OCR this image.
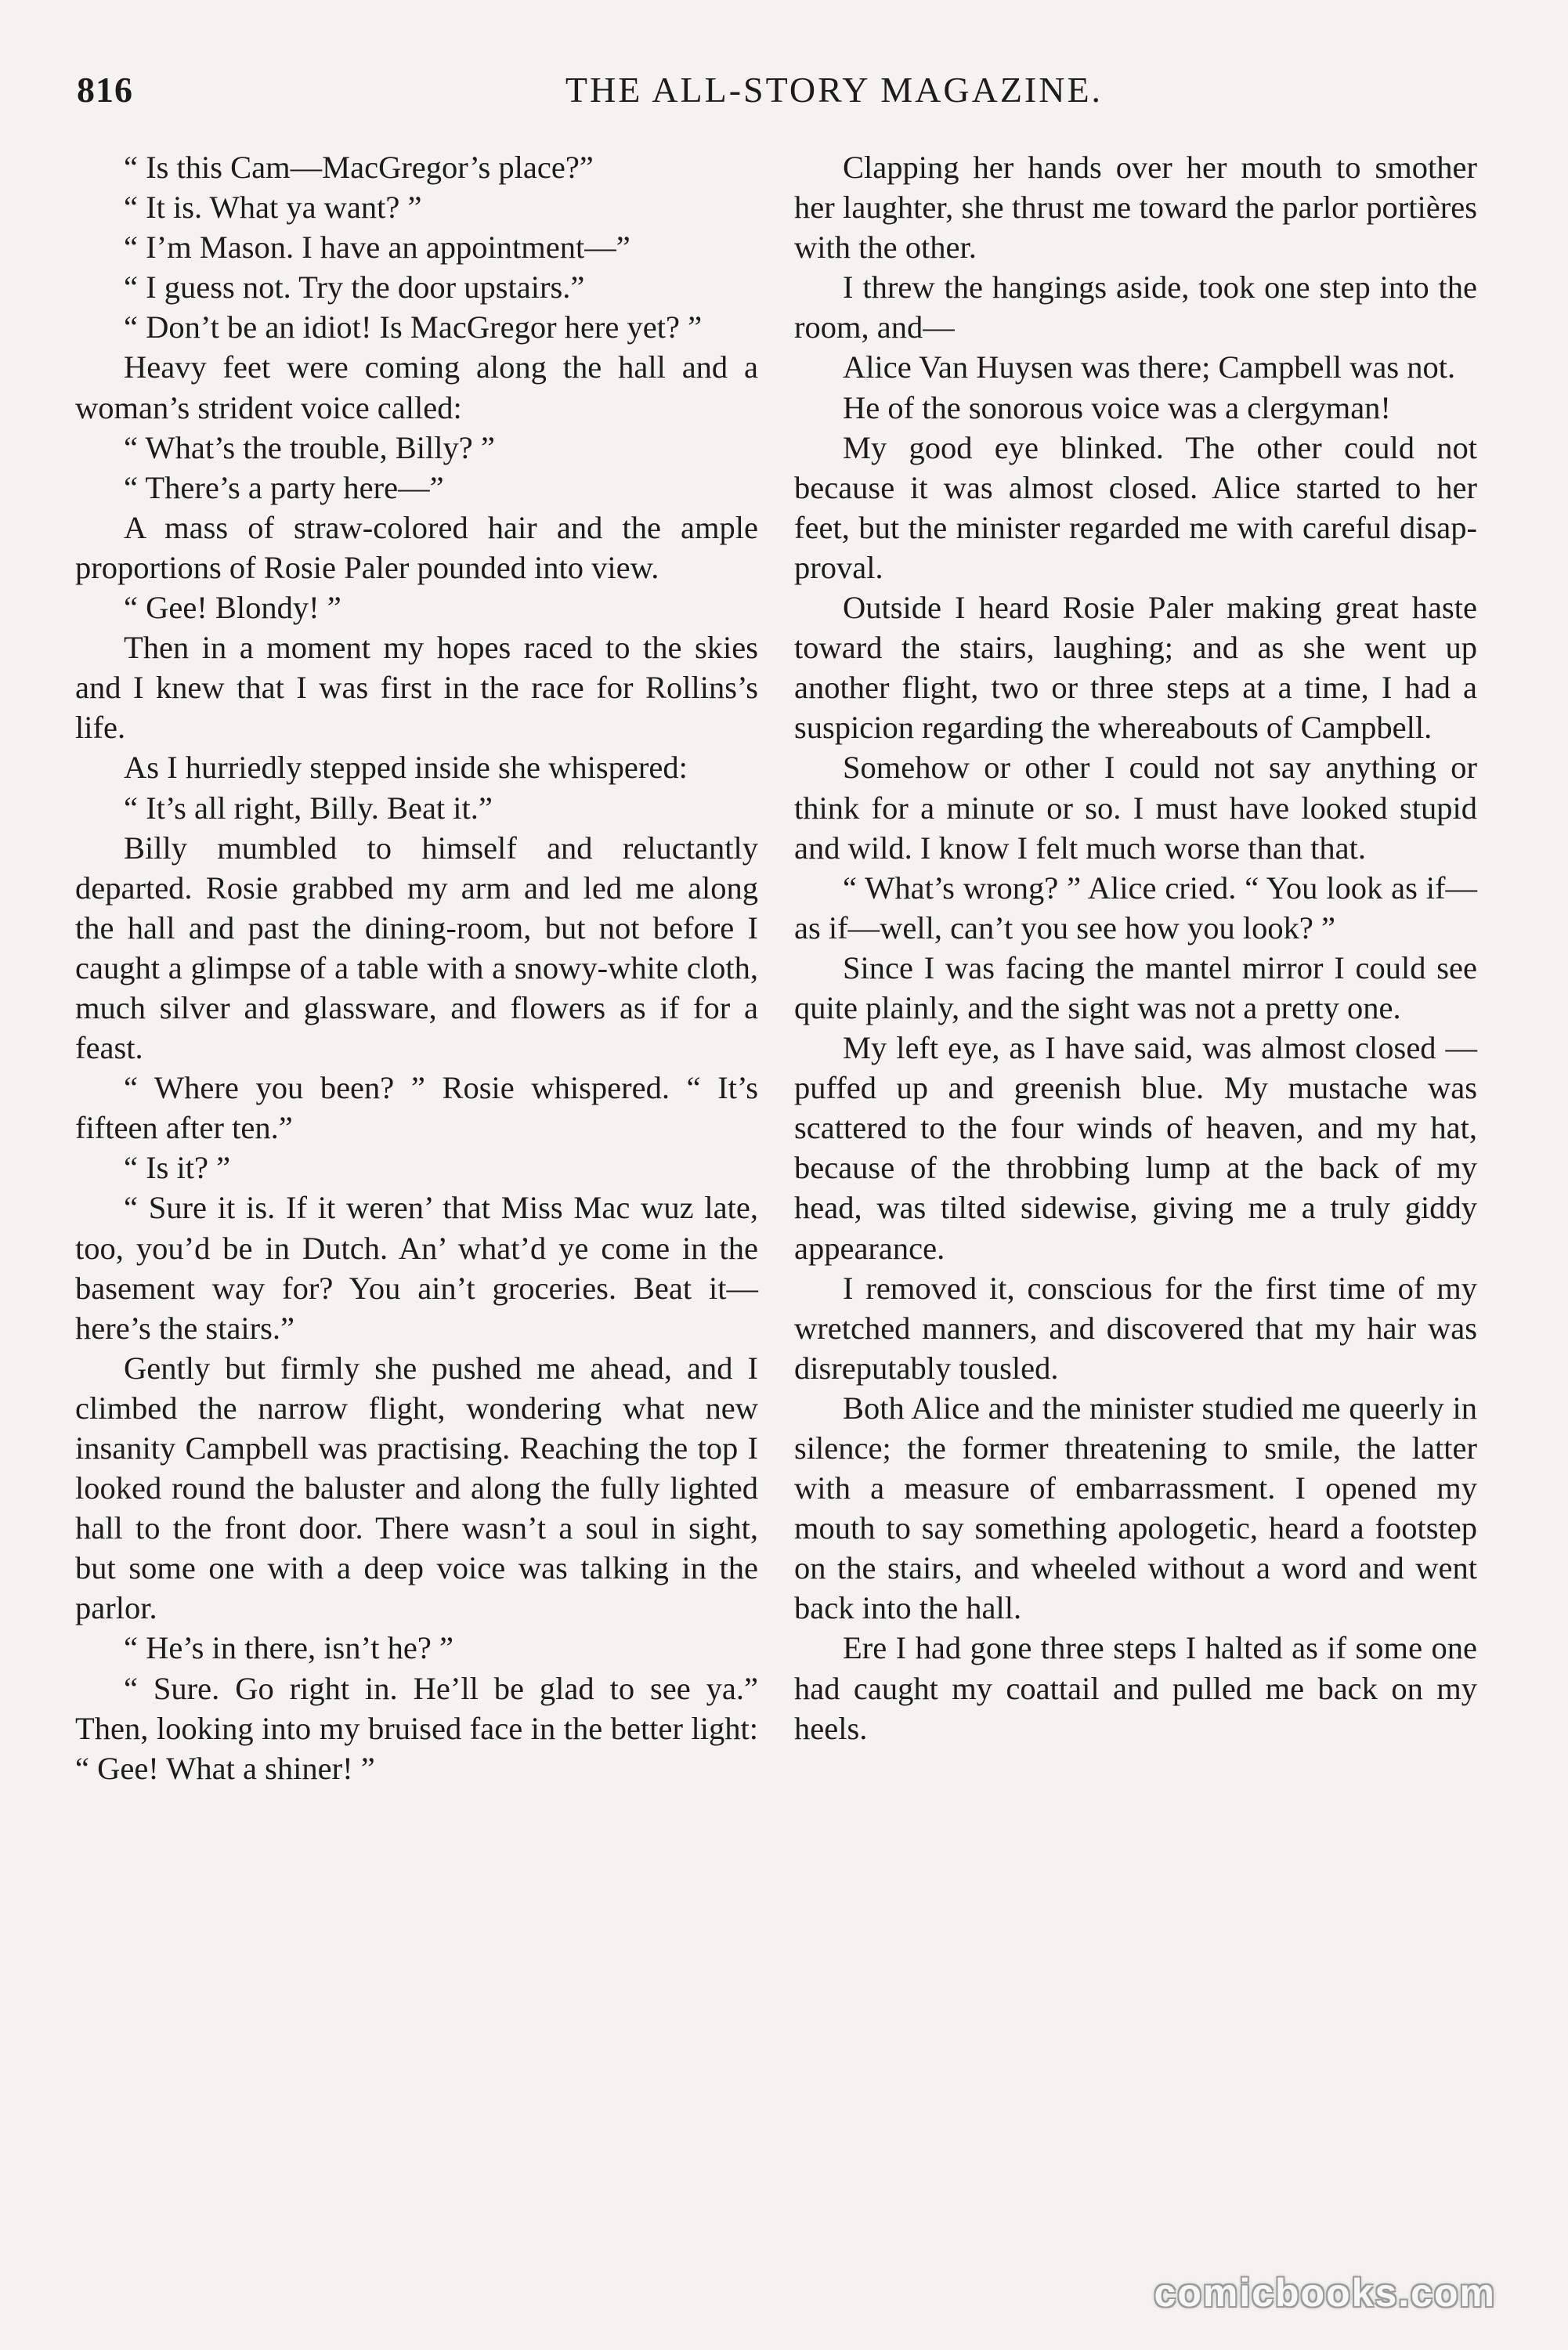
816	THE ALL-STORY MAGAZINE.

“ Is this Cam—MacGregor’s place?”

“ It is. What ya want? ”

“ I’m Mason. I have an appointment—”

“ I guess not. Try the door upstairs.”

“ Don’t be an idiot! Is MacGregor here yet? ”

Heavy feet were coming along the hall and a woman’s strident voice called:

“ What’s the trouble, Billy? ”

“ There’s a party here—”

A mass of straw-colored hair and the ample proportions of Rosie Paler pounded into view.

“ Gee! Blondy! ”

Then in a moment my hopes raced to the skies and I knew that I was first in the race for Rollins’s life.

As I hurriedly stepped inside she whispered:

“ It’s all right, Billy. Beat it.”

Billy mumbled to himself and reluctantly departed. Rosie grabbed my arm and led me along the hall and past the dining-room, but not before I caught a glimpse of a table with a snowy-white cloth, much silver and glassware, and flowers as if for a feast.

“ Where you been? ” Rosie whispered. “ It’s fifteen after ten.”

“ Is it? ”

“ Sure it is. If it weren’ that Miss Mac wuz late, too, you’d be in Dutch. An’ what’d ye come in the basement way for? You ain’t groceries. Beat it—here’s the stairs.”

Gently but firmly she pushed me ahead, and I climbed the narrow flight, wondering what new insanity Campbell was practising. Reaching the top I looked round the baluster and along the fully lighted hall to the front door. There wasn’t a soul in sight, but some one with a deep voice was talking in the parlor.

“ He’s in there, isn’t he? ”

“ Sure. Go right in. He’ll be glad to see ya.” Then, looking into my bruised face in the better light: “ Gee! What a shiner! ”

Clapping her hands over her mouth to smother her laughter, she thrust me toward the parlor portières with the other.

I threw the hangings aside, took one step into the room, and—

Alice Van Huysen was there; Campbell was not.

He of the sonorous voice was a clergyman!

My good eye blinked. The other could not because it was almost closed. Alice started to her feet, but the minister regarded me with careful disapproval.

Outside I heard Rosie Paler making great haste toward the stairs, laughing; and as she went up another flight, two or three steps at a time, I had a suspicion regarding the whereabouts of Campbell.

Somehow or other I could not say anything or think for a minute or so. I must have looked stupid and wild. I know I felt much worse than that.

“ What’s wrong? ” Alice cried. “ You look as if—as if—well, can’t you see how you look? ”

Since I was facing the mantel mirror I could see quite plainly, and the sight was not a pretty one.

My left eye, as I have said, was almost closed — puffed up and greenish blue. My mustache was scattered to the four winds of heaven, and my hat, because of the throbbing lump at the back of my head, was tilted sidewise, giving me a truly giddy appearance.

I removed it, conscious for the first time of my wretched manners, and discovered that my hair was disreputably tousled.

Both Alice and the minister studied me queerly in silence; the former threatening to smile, the latter with a measure of embarrassment. I opened my mouth to say something apologetic, heard a footstep on the stairs, and wheeled without a word and went back into the hall.

Ere I had gone three steps I halted as if some one had caught my coattail and pulled me back on my heels.

comicbooks.com
